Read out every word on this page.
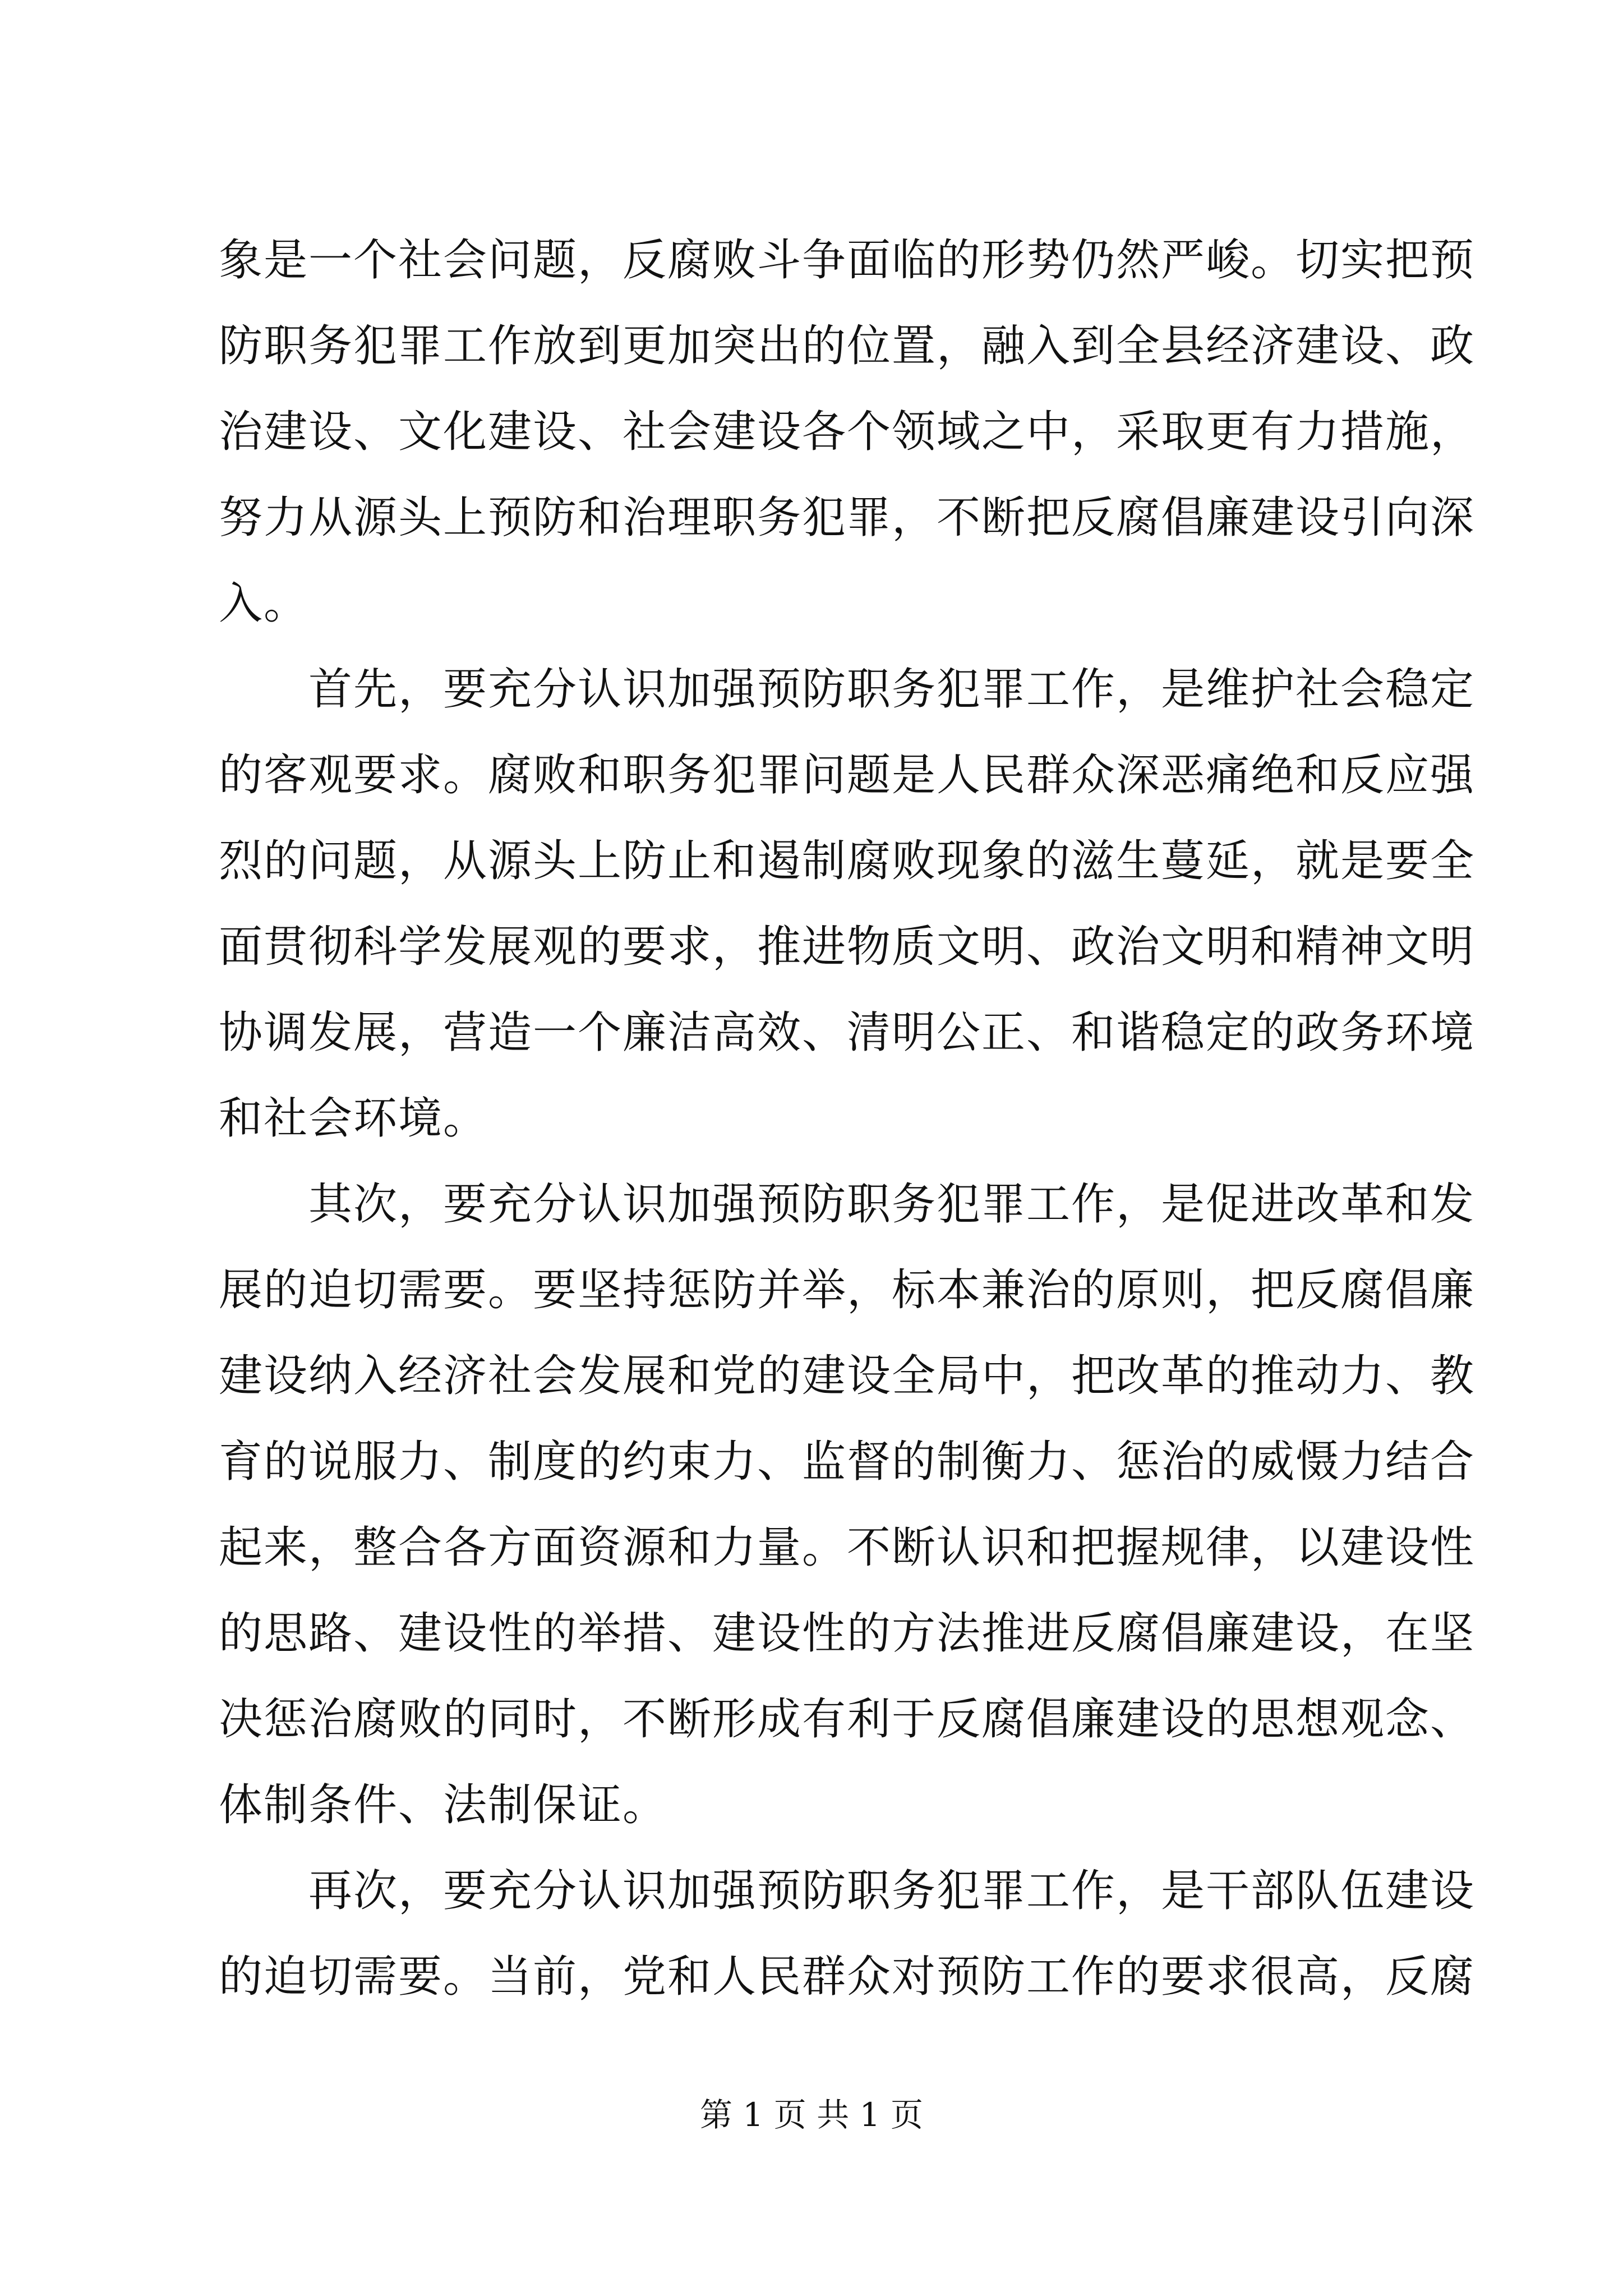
象是一个社会问题，反腐败斗争面临的形势仍然严峻。切实把预
防职务犯罪工作放到更加突出的位置，融入到全县经济建设、政
治建设、文化建设、社会建设各个领域之中，采取更有力措施，
努力从源头上预防和治理职务犯罪，不断把反腐倡廉建设引向深
入。
　　首先，要充分认识加强预防职务犯罪工作，是维护社会稳定
的客观要求。腐败和职务犯罪问题是人民群众深恶痛绝和反应强
烈的问题，从源头上防止和遏制腐败现象的滋生蔓延，就是要全
面贯彻科学发展观的要求，推进物质文明、政治文明和精神文明
协调发展，营造一个廉洁高效、清明公正、和谐稳定的政务环境
和社会环境。
　　其次，要充分认识加强预防职务犯罪工作，是促进改革和发
展的迫切需要。要坚持惩防并举，标本兼治的原则，把反腐倡廉
建设纳入经济社会发展和党的建设全局中，把改革的推动力、教
育的说服力、制度的约束力、监督的制衡力、惩治的威慑力结合
起来，整合各方面资源和力量。不断认识和把握规律，以建设性
的思路、建设性的举措、建设性的方法推进反腐倡廉建设，在坚
决惩治腐败的同时，不断形成有利于反腐倡廉建设的思想观念、
体制条件、法制保证。
　　再次，要充分认识加强预防职务犯罪工作，是干部队伍建设
的迫切需要。当前，党和人民群众对预防工作的要求很高，反腐
第 1 页 共 1 页
